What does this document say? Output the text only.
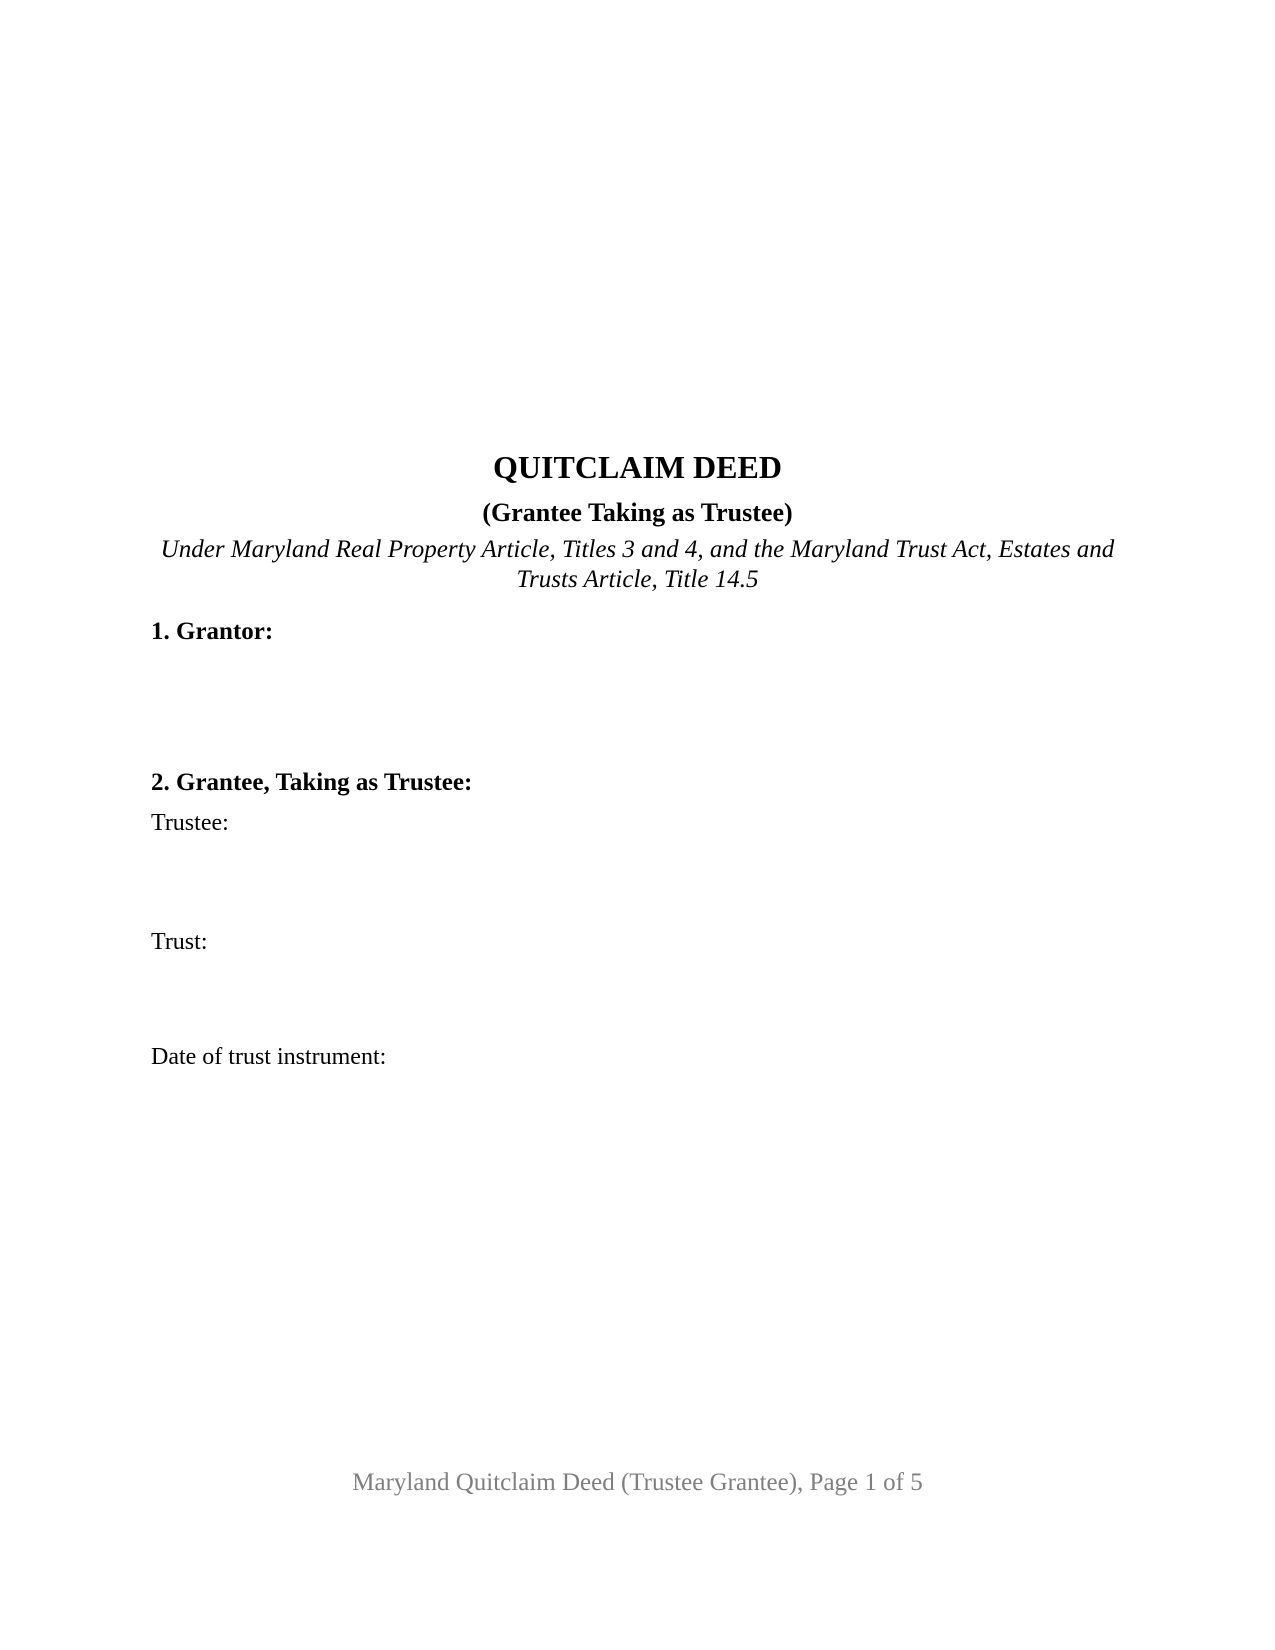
QUITCLAIM DEED
(Grantee Taking as Trustee)
Under Maryland Real Property Article, Titles 3 and 4, and the Maryland Trust Act, Estates and
Trusts Article, Title 14.5
1. Grantor:
2. Grantee, Taking as Trustee:
Trustee:
Trust:
Date of trust instrument:
Maryland Quitclaim Deed (Trustee Grantee), Page 1 of 5
